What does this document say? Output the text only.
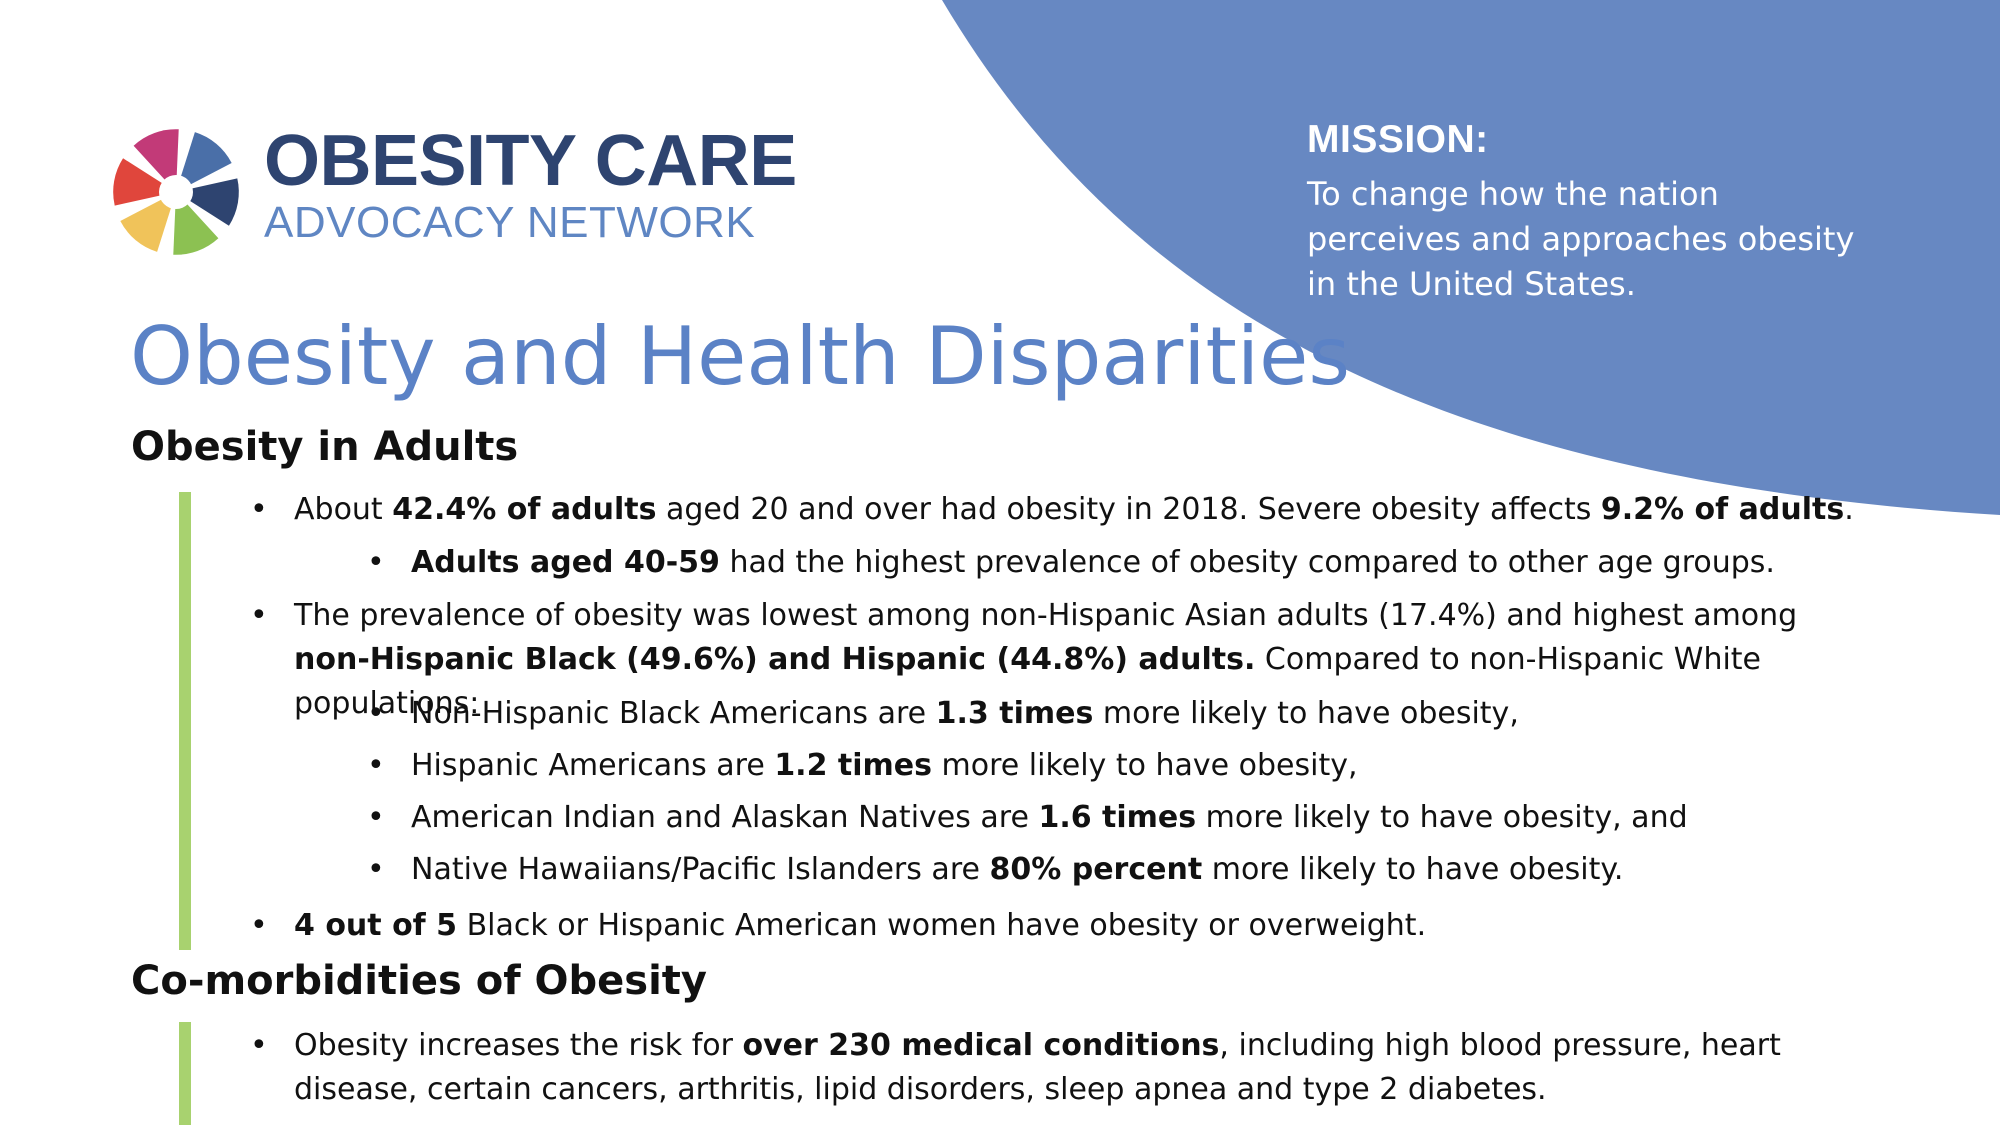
MISSION:
To change how the nation perceives and approaches obesity in the United States.
OBESITY CARE
ADVOCACY NETWORK
Obesity and Health Disparities
Obesity in Adults
• About 42.4% of adults aged 20 and over had obesity in 2018. Severe obesity affects 9.2% of adults.
• Adults aged 40-59 had the highest prevalence of obesity compared to other age groups.
• The prevalence of obesity was lowest among non-Hispanic Asian adults (17.4%) and highest among non-Hispanic Black (49.6%) and Hispanic (44.8%) adults. Compared to non-Hispanic White populations:
• Non-Hispanic Black Americans are 1.3 times more likely to have obesity,
• Hispanic Americans are 1.2 times more likely to have obesity,
• American Indian and Alaskan Natives are 1.6 times more likely to have obesity, and
• Native Hawaiians/Pacific Islanders are 80% percent more likely to have obesity.
• 4 out of 5 Black or Hispanic American women have obesity or overweight.
Co-morbidities of Obesity
• Obesity increases the risk for over 230 medical conditions, including high blood pressure, heart disease, certain cancers, arthritis, lipid disorders, sleep apnea and type 2 diabetes.
